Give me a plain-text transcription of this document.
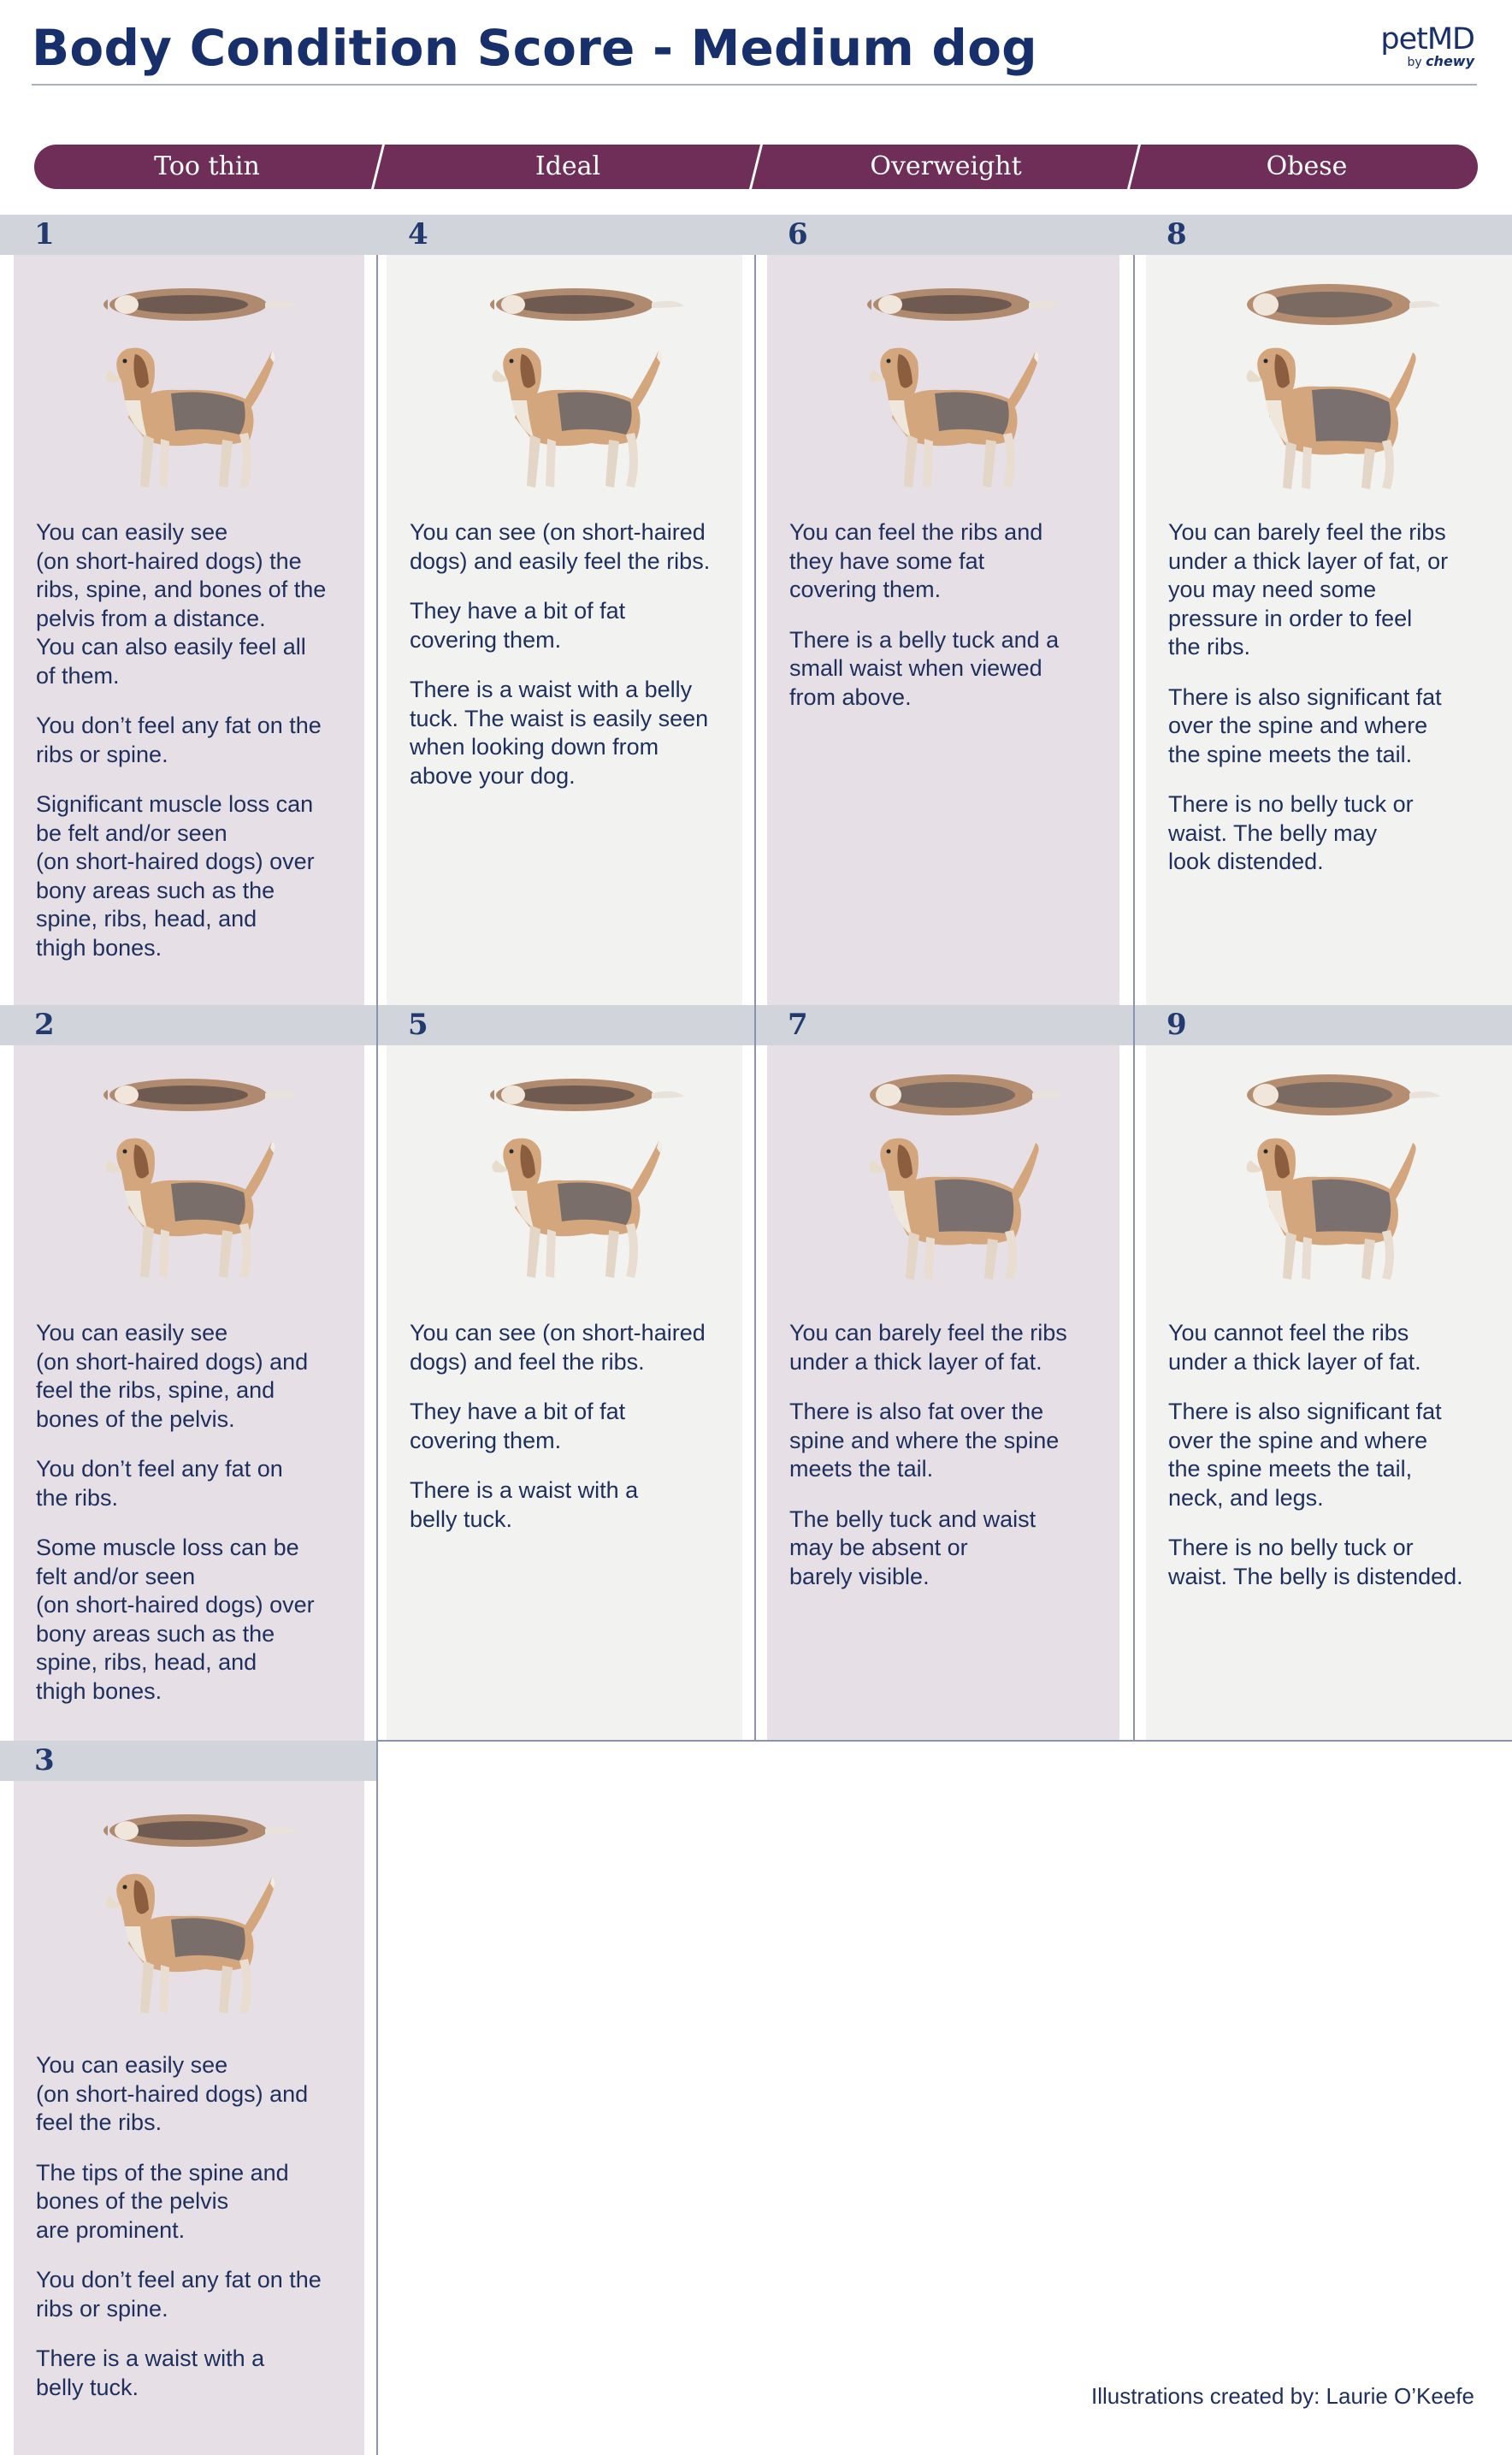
Body Condition Score - Medium dog	petMD
by chewy
Too thin	Ideal	Overweight	Obese
1	4	6	8
2	5	7	9
3

You can easily see
(on short-haired dogs) the
ribs, spine, and bones of the
pelvis from a distance.
You can also easily feel all
of them.

You don’t feel any fat on the
ribs or spine.

Significant muscle loss can
be felt and/or seen
(on short-haired dogs) over
bony areas such as the
spine, ribs, head, and
thigh bones.

You can see (on short-haired
dogs) and easily feel the ribs.

They have a bit of fat
covering them.

There is a waist with a belly
tuck. The waist is easily seen
when looking down from
above your dog.

You can feel the ribs and
they have some fat
covering them.

There is a belly tuck and a
small waist when viewed
from above.

You can barely feel the ribs
under a thick layer of fat, or
you may need some
pressure in order to feel
the ribs.

There is also significant fat
over the spine and where
the spine meets the tail.

There is no belly tuck or
waist. The belly may
look distended.

You can easily see
(on short-haired dogs) and
feel the ribs, spine, and
bones of the pelvis.

You don’t feel any fat on
the ribs.

Some muscle loss can be
felt and/or seen
(on short-haired dogs) over
bony areas such as the
spine, ribs, head, and
thigh bones.

You can see (on short-haired
dogs) and feel the ribs.

They have a bit of fat
covering them.

There is a waist with a
belly tuck.

You can barely feel the ribs
under a thick layer of fat.

There is also fat over the
spine and where the spine
meets the tail.

The belly tuck and waist
may be absent or
barely visible.

You cannot feel the ribs
under a thick layer of fat.

There is also significant fat
over the spine and where
the spine meets the tail,
neck, and legs.

There is no belly tuck or
waist. The belly is distended.

You can easily see
(on short-haired dogs) and
feel the ribs.

The tips of the spine and
bones of the pelvis
are prominent.

You don’t feel any fat on the
ribs or spine.

There is a waist with a
belly tuck.	Illustrations created by: Laurie O’Keefe
